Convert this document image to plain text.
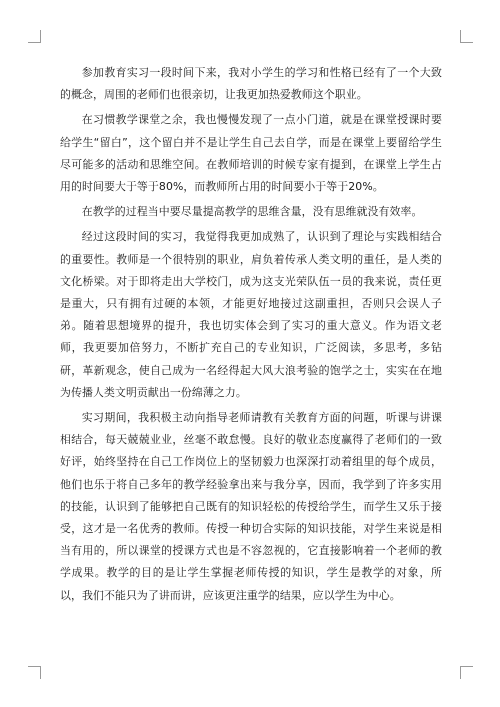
参加教育实习一段时间下来，我对小学生的学习和性格已经有了一个大致的概念，周围的老师们也很亲切，让我更加热爱教师这个职业。

在习惯教学课堂之余，我也慢慢发现了一点小门道，就是在课堂授课时要给学生“留白”，这个留白并不是让学生自己去自学，而是在课堂上要留给学生尽可能多的活动和思维空间。在教师培训的时候专家有提到，在课堂上学生占用的时间要大于等于80%，而教师所占用的时间要小于等于20%。

在教学的过程当中要尽量提高教学的思维含量，没有思维就没有效率。

经过这段时间的实习，我觉得我更加成熟了，认识到了理论与实践相结合的重要性。教师是一个很特别的职业，肩负着传承人类文明的重任，是人类的文化桥梁。对于即将走出大学校门，成为这支光荣队伍一员的我来说，责任更是重大，只有拥有过硬的本领，才能更好地接过这副重担，否则只会误人子弟。随着思想境界的提升，我也切实体会到了实习的重大意义。作为语文老师，我更要加倍努力，不断扩充自己的专业知识，广泛阅读，多思考，多钻研，革新观念，使自己成为一名经得起大风大浪考验的饱学之士，实实在在地为传播人类文明贡献出一份绵薄之力。

实习期间，我积极主动向指导老师请教有关教育方面的问题，听课与讲课相结合，每天兢兢业业，丝毫不敢怠慢。良好的敬业态度赢得了老师们的一致好评，始终坚持在自己工作岗位上的坚韧毅力也深深打动着组里的每个成员，他们也乐于将自己多年的教学经验拿出来与我分享，因而，我学到了许多实用的技能，认识到了能够把自己既有的知识轻松的传授给学生，而学生又乐于接受，这才是一名优秀的教师。传授一种切合实际的知识技能，对学生来说是相当有用的，所以课堂的授课方式也是不容忽视的，它直接影响着一个老师的教学成果。教学的目的是让学生掌握老师传授的知识，学生是教学的对象，所以，我们不能只为了讲而讲，应该更注重学的结果，应以学生为中心。
